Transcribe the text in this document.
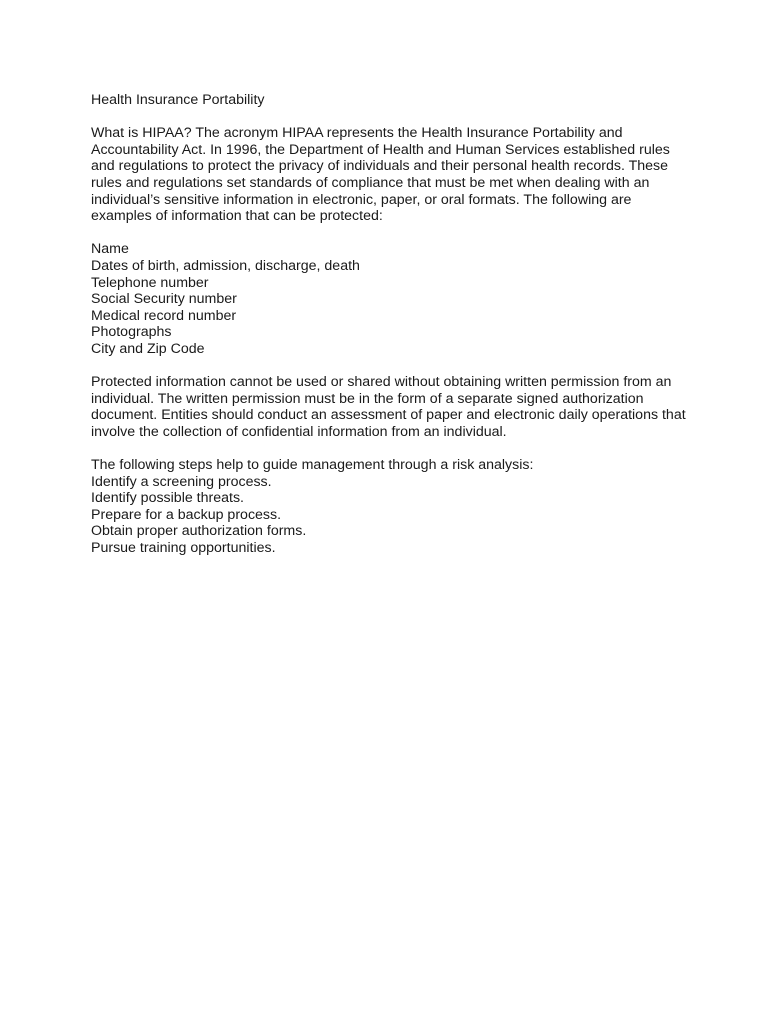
Health Insurance Portability

What is HIPAA? The acronym HIPAA represents the Health Insurance Portability and Accountability Act. In 1996, the Department of Health and Human Services established rules and regulations to protect the privacy of individuals and their personal health records. These rules and regulations set standards of compliance that must be met when dealing with an individual’s sensitive information in electronic, paper, or oral formats. The following are examples of information that can be protected:

Name
Dates of birth, admission, discharge, death
Telephone number
Social Security number
Medical record number
Photographs
City and Zip Code

Protected information cannot be used or shared without obtaining written permission from an individual. The written permission must be in the form of a separate signed authorization document. Entities should conduct an assessment of paper and electronic daily operations that involve the collection of confidential information from an individual.

The following steps help to guide management through a risk analysis:

Identify a screening process.
Identify possible threats.
Prepare for a backup process.
Obtain proper authorization forms.
Pursue training opportunities.
